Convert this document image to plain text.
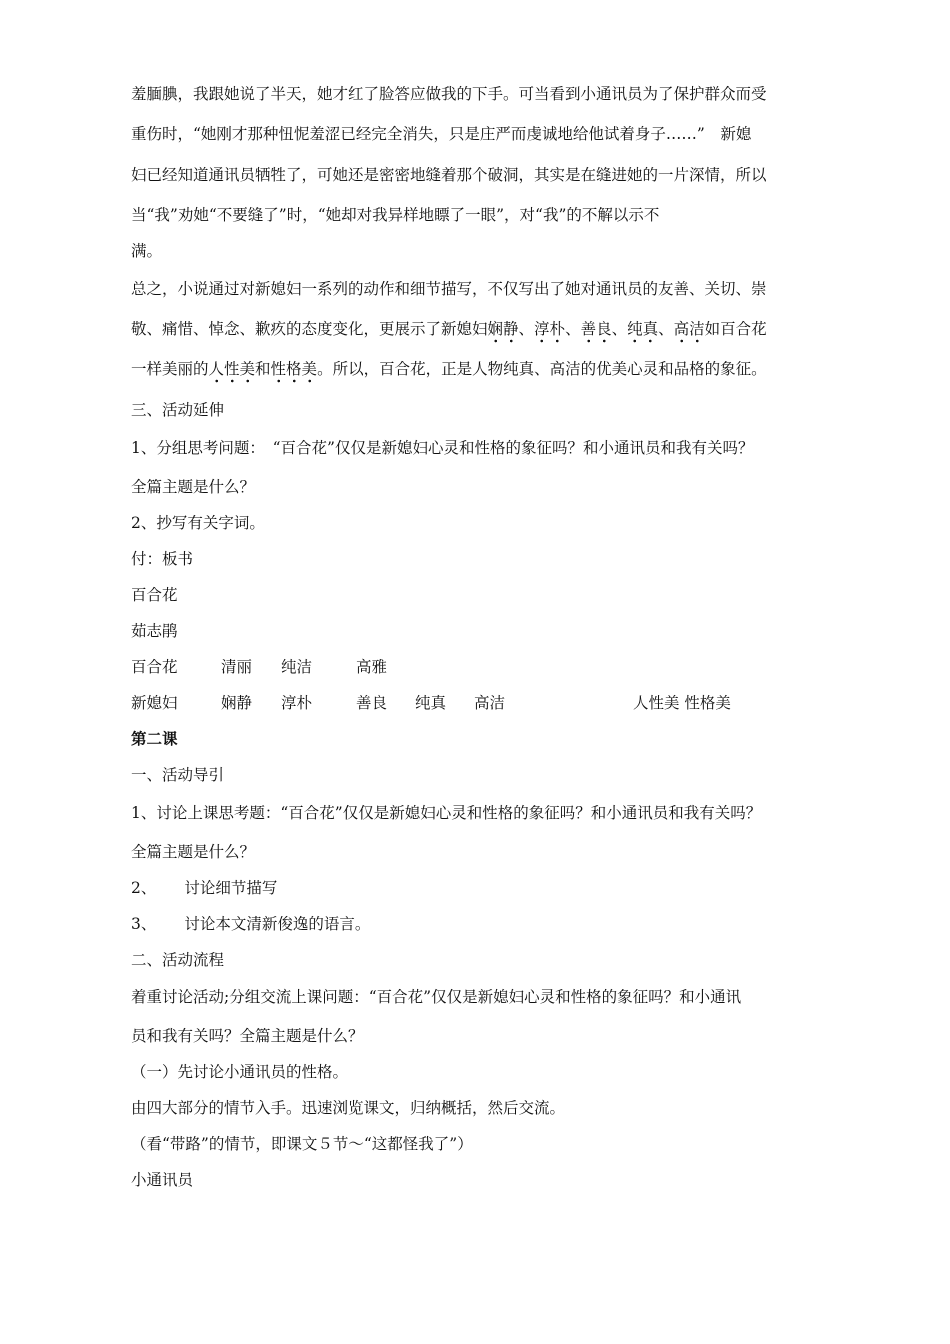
羞腼腆，我跟她说了半天，她才红了脸答应做我的下手。可当看到小通讯员为了保护群众而受
重伤时，“她刚才那种忸怩羞涩已经完全消失，只是庄严而虔诚地给他试着身子……”　新媳
妇已经知道通讯员牺牲了，可她还是密密地缝着那个破洞，其实是在缝进她的一片深情，所以
当“我”劝她“不要缝了”时，“她却对我异样地瞟了一眼”，对“我”的不解以示不
满。
总之，小说通过对新媳妇一系列的动作和细节描写，不仅写出了她对通讯员的友善、关切、崇
敬、痛惜、悼念、歉疚的态度变化，更展示了新媳妇娴静、淳朴、善良、纯真、高洁如百合花
一样美丽的人性美和性格美。所以，百合花，正是人物纯真、高洁的优美心灵和品格的象征。
三、活动延伸
1、分组思考问题：　“百合花”仅仅是新媳妇心灵和性格的象征吗？和小通讯员和我有关吗？
全篇主题是什么？
2、抄写有关字词。
付：板书
百合花
茹志鹃
百合花	清丽 纯洁	高雅
新媳妇	娴静 淳朴	善良 纯真 高洁	人性美 性格美
第二课
一、活动导引
1、讨论上课思考题：“百合花”仅仅是新媳妇心灵和性格的象征吗？和小通讯员和我有关吗？
全篇主题是什么？
2、 讨论细节描写
3、 讨论本文清新俊逸的语言。
二、活动流程
着重讨论活动;分组交流上课问题：“百合花”仅仅是新媳妇心灵和性格的象征吗？和小通讯
员和我有关吗？全篇主题是什么？
（一）先讨论小通讯员的性格。
由四大部分的情节入手。迅速浏览课文，归纳概括，然后交流。
（看“带路”的情节，即课文５节～“这都怪我了”）
小通讯员
